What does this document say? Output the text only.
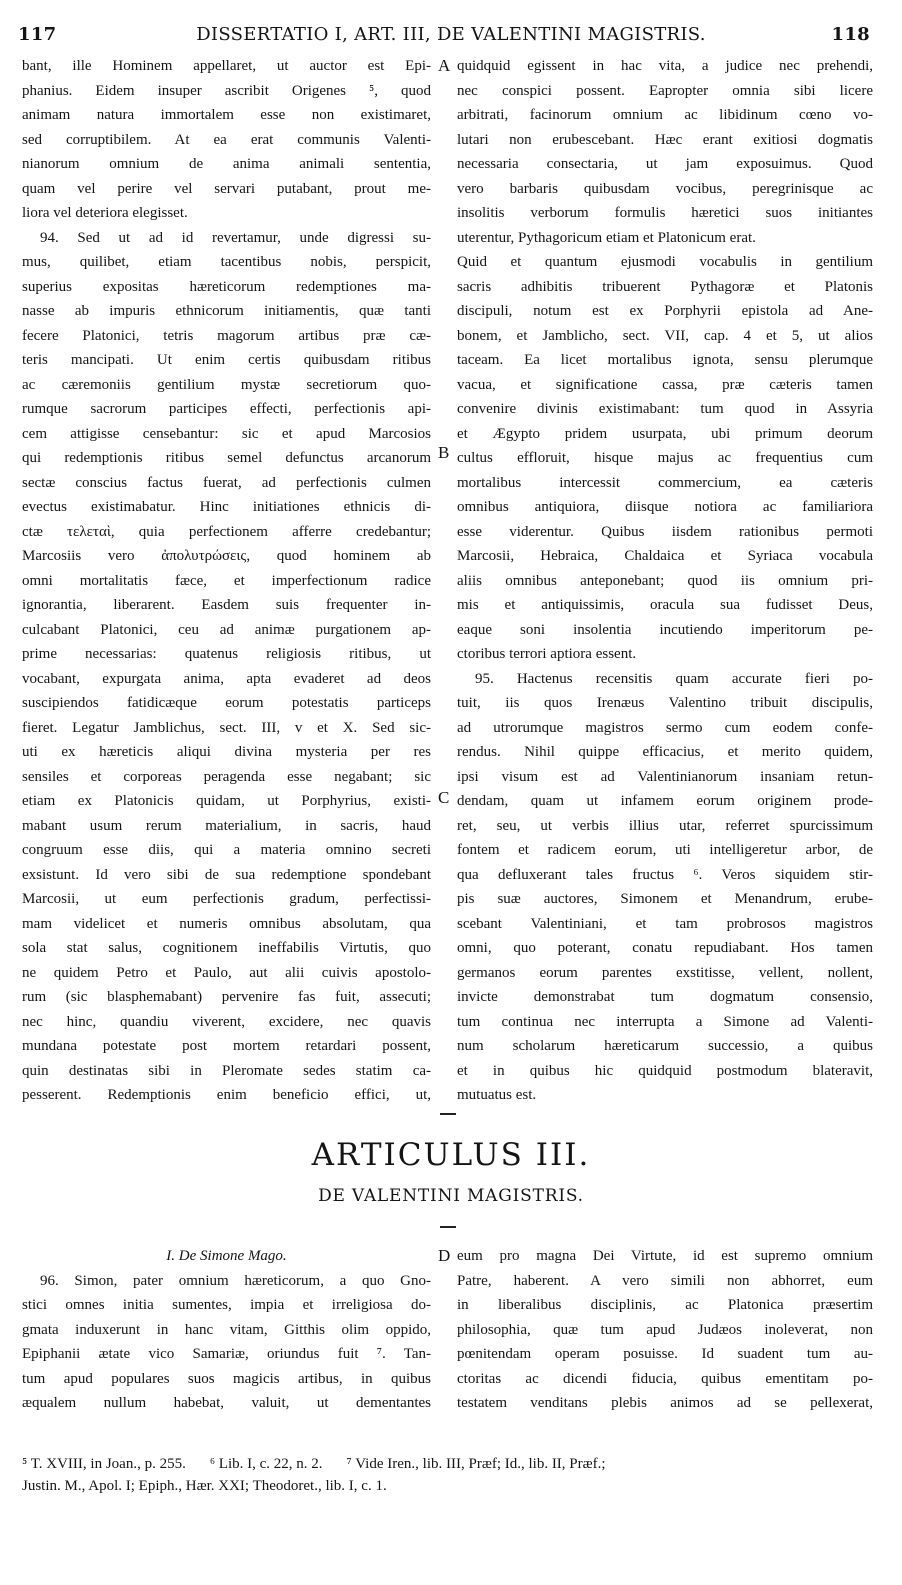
117	DISSERTATIO I, ART. III, DE VALENTINI MAGISTRIS.	118
A
B
C
D

bant, ille Hominem appellaret, ut auctor est Epi-

phanius. Eidem insuper ascribit Origenes ⁵, quod

animam natura immortalem esse non existimaret,

sed corruptibilem. At ea erat communis Valenti-

nianorum omnium de anima animali sententia,

quam vel perire vel servari putabant, prout me-

liora vel deteriora elegisset.

94. Sed ut ad id revertamur, unde digressi su-

mus, quilibet, etiam tacentibus nobis, perspicit,

superius expositas hæreticorum redemptiones ma-

nasse ab impuris ethnicorum initiamentis, quæ tanti

fecere Platonici, tetris magorum artibus præ cæ-

teris mancipati. Ut enim certis quibusdam ritibus

ac cæremoniis gentilium mystæ secretiorum quo-

rumque sacrorum participes effecti, perfectionis api-

cem attigisse censebantur: sic et apud Marcosios

qui redemptionis ritibus semel defunctus arcanorum

sectæ conscius factus fuerat, ad perfectionis culmen

evectus existimabatur. Hinc initiationes ethnicis di-

ctæ τελεταὶ, quia perfectionem afferre credebantur;

Marcosiis vero ἀπολυτρώσεις, quod hominem ab

omni mortalitatis fæce, et imperfectionum radice

ignorantia, liberarent. Easdem suis frequenter in-

culcabant Platonici, ceu ad animæ purgationem ap-

prime necessarias: quatenus religiosis ritibus, ut

vocabant, expurgata anima, apta evaderet ad deos

suscipiendos fatidicæque eorum potestatis particeps

fieret. Legatur Jamblichus, sect. III, v et X. Sed sic-

uti ex hæreticis aliqui divina mysteria per res

sensiles et corporeas peragenda esse negabant; sic

etiam ex Platonicis quidam, ut Porphyrius, existi-

mabant usum rerum materialium, in sacris, haud

congruum esse diis, qui a materia omnino secreti

exsistunt. Id vero sibi de sua redemptione spondebant

Marcosii, ut eum perfectionis gradum, perfectissi-

mam videlicet et numeris omnibus absolutam, qua

sola stat salus, cognitionem ineffabilis Virtutis, quo

ne quidem Petro et Paulo, aut alii cuivis apostolo-

rum (sic blasphemabant) pervenire fas fuit, assecuti;

nec hinc, quandiu viverent, excidere, nec quavis

mundana potestate post mortem retardari possent,

quin destinatas sibi in Pleromate sedes statim ca-

pesserent. Redemptionis enim beneficio effici, ut,

quidquid egissent in hac vita, a judice nec prehendi,

nec conspici possent. Eapropter omnia sibi licere

arbitrati, facinorum omnium ac libidinum cœno vo-

lutari non erubescebant. Hæc erant exitiosi dogmatis

necessaria consectaria, ut jam exposuimus. Quod

vero barbaris quibusdam vocibus, peregrinisque ac

insolitis verborum formulis hæretici suos initiantes

uterentur, Pythagoricum etiam et Platonicum erat.

Quid et quantum ejusmodi vocabulis in gentilium

sacris adhibitis tribuerent Pythagoræ et Platonis

discipuli, notum est ex Porphyrii epistola ad Ane-

bonem, et Jamblicho, sect. VII, cap. 4 et 5, ut alios

taceam. Ea licet mortalibus ignota, sensu plerumque

vacua, et significatione cassa, præ cæteris tamen

convenire divinis existimabant: tum quod in Assyria

et Ægypto pridem usurpata, ubi primum deorum

cultus effloruit, hisque majus ac frequentius cum

mortalibus intercessit commercium, ea cæteris

omnibus antiquiora, diisque notiora ac familiariora

esse viderentur. Quibus iisdem rationibus permoti

Marcosii, Hebraica, Chaldaica et Syriaca vocabula

aliis omnibus anteponebant; quod iis omnium pri-

mis et antiquissimis, oracula sua fudisset Deus,

eaque soni insolentia incutiendo imperitorum pe-

ctoribus terrori aptiora essent.

95. Hactenus recensitis quam accurate fieri po-

tuit, iis quos Irenæus Valentino tribuit discipulis,

ad utrorumque magistros sermo cum eodem confe-

rendus. Nihil quippe efficacius, et merito quidem,

ipsi visum est ad Valentinianorum insaniam retun-

dendam, quam ut infamem eorum originem prode-

ret, seu, ut verbis illius utar, referret spurcissimum

fontem et radicem eorum, uti intelligeretur arbor, de

qua defluxerant tales fructus ⁶. Veros siquidem stir-

pis suæ auctores, Simonem et Menandrum, erube-

scebant Valentiniani, et tam probrosos magistros

omni, quo poterant, conatu repudiabant. Hos tamen

germanos eorum parentes exstitisse, vellent, nollent,

invicte demonstrabat tum dogmatum consensio,

tum continua nec interrupta a Simone ad Valenti-

num scholarum hæreticarum successio, a quibus

et in quibus hic quidquid postmodum blateravit,

mutuatus est.

ARTICULUS III.
DE VALENTINI MAGISTRIS.

I. De Simone Mago.

96. Simon, pater omnium hæreticorum, a quo Gno-

stici omnes initia sumentes, impia et irreligiosa do-

gmata induxerunt in hanc vitam, Gitthis olim oppido,

Epiphanii ætate vico Samariæ, oriundus fuit ⁷. Tan-

tum apud populares suos magicis artibus, in quibus

æqualem nullum habebat, valuit, ut dementantes

eum pro magna Dei Virtute, id est supremo omnium

Patre, haberent. A vero simili non abhorret, eum

in liberalibus disciplinis, ac Platonica præsertim

philosophia, quæ tum apud Judæos inoleverat, non

pœnitendam operam posuisse. Id suadent tum au-

ctoritas ac dicendi fiducia, quibus ementitam po-

testatem venditans plebis animos ad se pellexerat,

⁵ T. XVIII, in Joan., p. 255. ⁶ Lib. I, c. 22, n. 2. ⁷ Vide Iren., lib. III, Præf; Id., lib. II, Præf.;

Justin. M., Apol. I; Epiph., Hær. XXI; Theodoret., lib. I, c. 1.
